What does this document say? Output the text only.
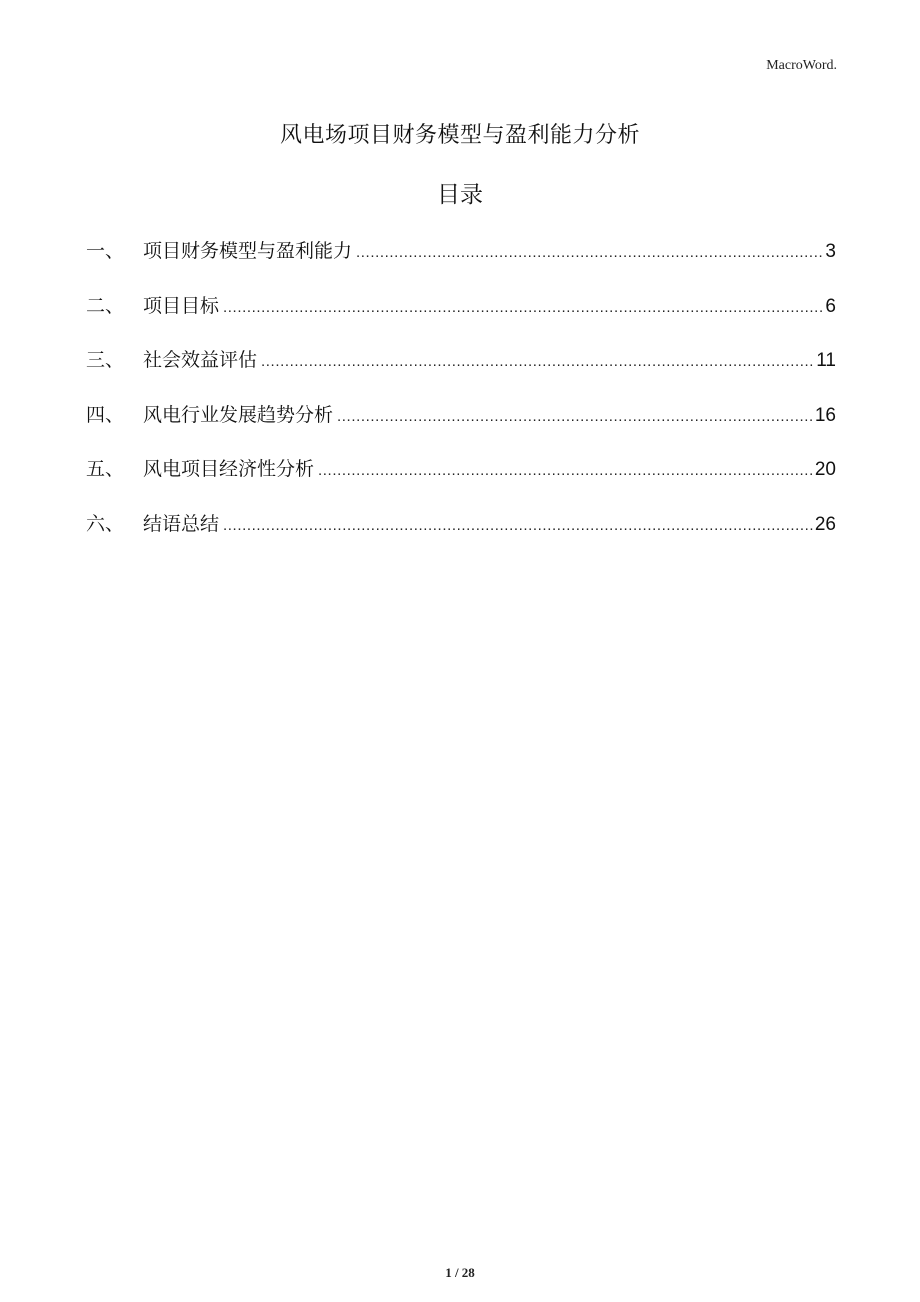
MacroWord.
风电场项目财务模型与盈利能力分析
目录
一、 项目财务模型与盈利能力 .....	3
二、 项目目标 .....	6
三、 社会效益评估 .....	11
四、 风电行业发展趋势分析 .....	16
五、 风电项目经济性分析 .....	20
六、 结语总结 .....	26
1 / 28
